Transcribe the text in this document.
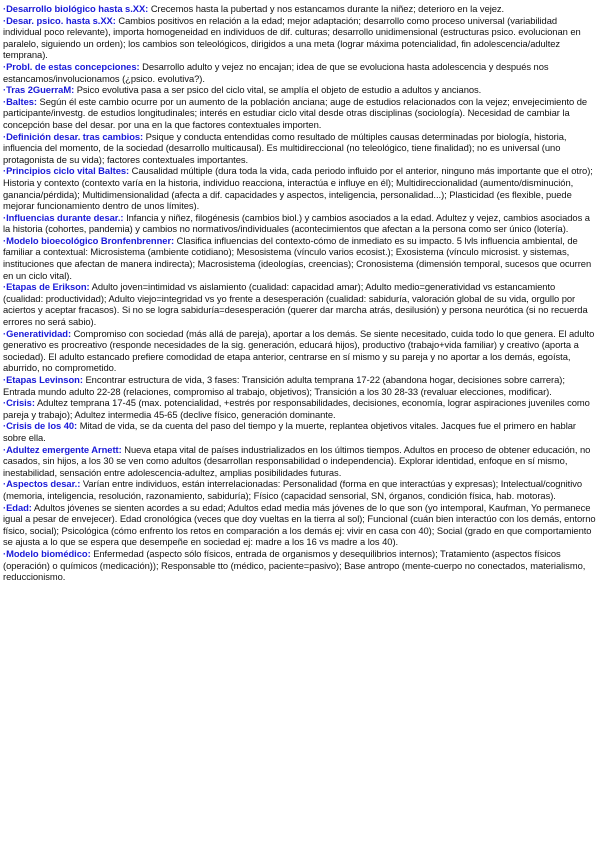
·Desarrollo biológico hasta s.XX: Crecemos hasta la pubertad y nos estancamos durante la niñez; deterioro en la vejez.

·Desar. psico. hasta s.XX: Cambios positivos en relación a la edad; mejor adaptación; desarrollo como proceso universal (variabilidad individual poco relevante), importa homogeneidad en individuos de dif. culturas; desarrollo unidimensional (estructuras psico. evolucionan en paralelo, siguiendo un orden); los cambios son teleológicos, dirigidos a una meta (lograr máxima potencialidad, fin adolescencia/adultez temprana).

·Probl. de estas concepciones: Desarrollo adulto y vejez no encajan; idea de que se evoluciona hasta adolescencia y después nos estancamos/involucionamos (¿psico. evolutiva?).

·Tras 2GuerraM: Psico evolutiva pasa a ser psico del ciclo vital, se amplía el objeto de estudio a adultos y ancianos.

·Baltes: Según él este cambio ocurre por un aumento de la población anciana; auge de estudios relacionados con la vejez; envejecimiento de participante/investg. de estudios longitudinales; interés en estudiar ciclo vital desde otras disciplinas (sociología). Necesidad de cambiar la concepción base del desar. por una en la que factores contextuales importen.

·Definición desar. tras cambios: Psique y conducta entendidas como resultado de múltiples causas determinadas por biología, historia, influencia del momento, de la sociedad (desarrollo multicausal). Es multidireccional (no teleológico, tiene finalidad); no es universal (uno protagonista de su vida); factores contextuales importantes.

·Principios ciclo vital Baltes: Causalidad múltiple (dura toda la vida, cada periodo influido por el anterior, ninguno más importante que el otro); Historia y contexto (contexto varía en la historia, individuo reacciona, interactúa e influye en él); Multidireccionalidad (aumento/disminución, ganancia/pérdida); Multidimensionalidad (afecta a dif. capacidades y aspectos, inteligencia, personalidad...); Plasticidad (es flexible, puede mejorar funcionamiento dentro de unos límites).

·Influencias durante desar.: Infancia y niñez, filogénesis (cambios biol.) y cambios asociados a la edad. Adultez y vejez, cambios asociados a la historia (cohortes, pandemia) y cambios no normativos/individuales (acontecimientos que afectan a la persona como ser único (lotería).

·Modelo bioecológico Bronfenbrenner: Clasifica influencias del contexto-cómo de inmediato es su impacto. 5 lvls influencia ambiental, de familiar a contextual: Microsistema (ambiente cotidiano); Mesosistema (vínculo varios ecosist.); Exosistema (vínculo microsist. y sistemas, instituciones que afectan de manera indirecta); Macrosistema (ideologías, creencias); Cronosistema (dimensión temporal, sucesos que ocurren en un ciclo vital).

·Etapas de Erikson: Adulto joven=intimidad vs aislamiento (cualidad: capacidad amar); Adulto medio=generatividad vs estancamiento (cualidad: productividad); Adulto viejo=integridad vs yo frente a desesperación (cualidad: sabiduría, valoración global de su vida, orgullo por aciertos y aceptar fracasos). Si no se logra sabiduría=desesperación (querer dar marcha atrás, desilusión) y persona neurótica (si no recuerda errores no será sabio).

·Generatividad: Compromiso con sociedad (más allá de pareja), aportar a los demás. Se siente necesitado, cuida todo lo que genera. El adulto generativo es procreativo (responde necesidades de la sig. generación, educará hijos), productivo (trabajo+vida familiar) y creativo (aporta a sociedad). El adulto estancado prefiere comodidad de etapa anterior, centrarse en sí mismo y su pareja y no aportar a los demás, egoísta, aburrido, no comprometido.

·Etapas Levinson: Encontrar estructura de vida, 3 fases: Transición adulta temprana 17-22 (abandona hogar, decisiones sobre carrera); Entrada mundo adulto 22-28 (relaciones, compromiso al trabajo, objetivos); Transición a los 30 28-33 (revaluar elecciones, modificar).

·Crisis: Adultez temprana 17-45 (max. potencialidad, +estrés por responsabilidades, decisiones, economía, lograr aspiraciones juveniles como pareja y trabajo); Adultez intermedia 45-65 (declive físico, generación dominante.

·Crisis de los 40: Mitad de vida, se da cuenta del paso del tiempo y la muerte, replantea objetivos vitales. Jacques fue el primero en hablar sobre ella.

·Adultez emergente Arnett: Nueva etapa vital de países industrializados en los últimos tiempos. Adultos en proceso de obtener educación, no casados, sin hijos, a los 30 se ven como adultos (desarrollan responsabilidad o independencia). Explorar identidad, enfoque en sí mismo, inestabilidad, sensación entre adolescencia-adultez, amplias posibilidades futuras.

·Aspectos desar.: Varían entre individuos, están interrelacionadas: Personalidad (forma en que interactúas y expresas); Intelectual/cognitivo (memoria, inteligencia, resolución, razonamiento, sabiduría); Físico (capacidad sensorial, SN, órganos, condición física, hab. motoras).

·Edad: Adultos jóvenes se sienten acordes a su edad; Adultos edad media más jóvenes de lo que son (yo intemporal, Kaufman, Yo permanece igual a pesar de envejecer). Edad cronológica (veces que doy vueltas en la tierra al sol); Funcional (cuán bien interactúo con los demás, entorno físico, social); Psicológica (cómo enfrento los retos en comparación a los demás ej: vivir en casa con 40); Social (grado en que comportamiento se ajusta a lo que se espera que desempeñe en sociedad ej: madre a los 16 vs madre a los 40).

·Modelo biomédico: Enfermedad (aspecto sólo físicos, entrada de organismos y desequilibrios internos); Tratamiento (aspectos físicos (operación) o químicos (medicación)); Responsable tto (médico, paciente=pasivo); Base antropo (mente-cuerpo no conectados, materialismo, reduccionismo.
